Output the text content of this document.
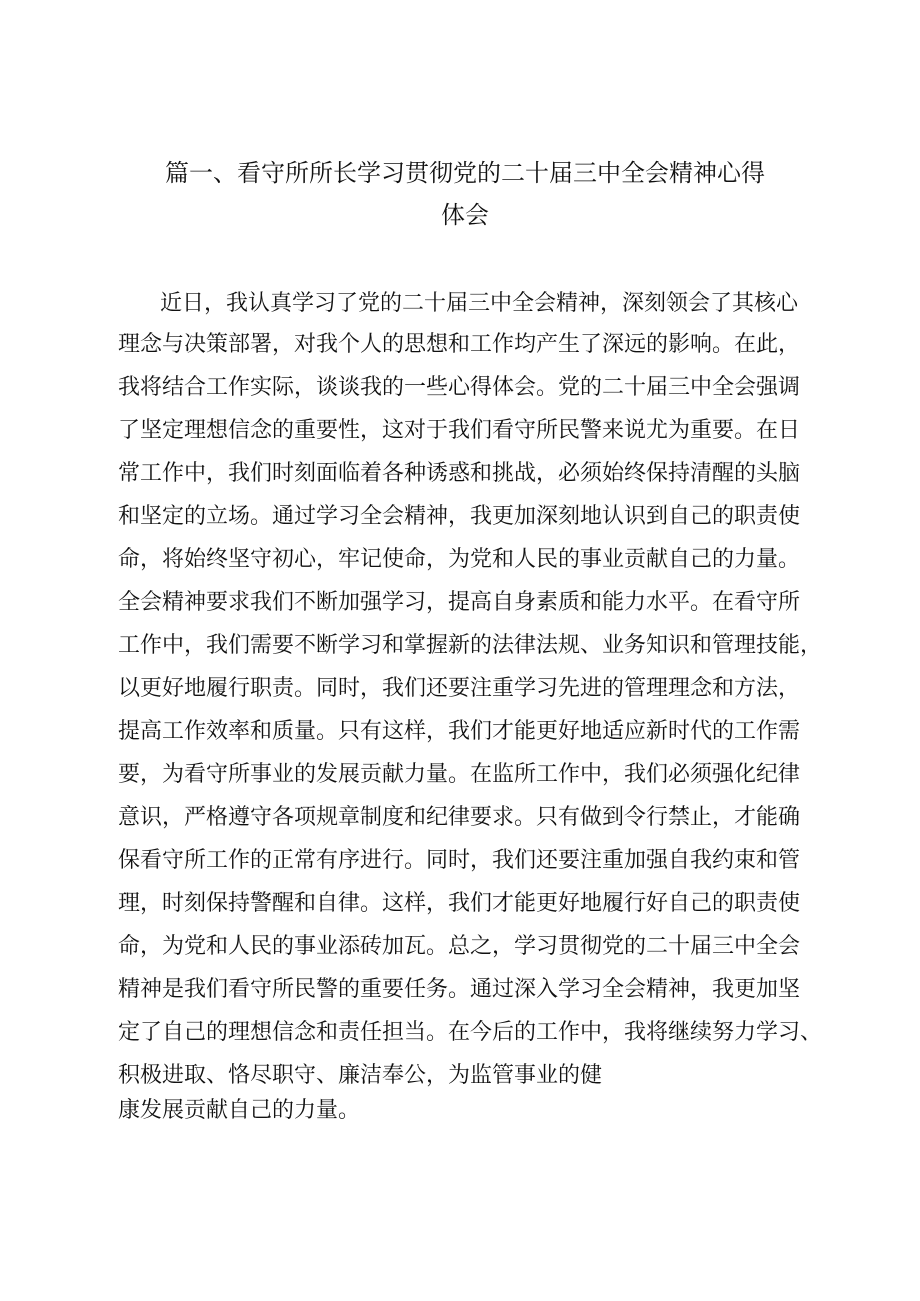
篇一、看守所所长学习贯彻党的二十届三中全会精神心得
体会
近日，我认真学习了党的二十届三中全会精神，深刻领会了其核心
理念与决策部署，对我个人的思想和工作均产生了深远的影响。在此，
我将结合工作实际，谈谈我的一些心得体会。党的二十届三中全会强调
了坚定理想信念的重要性，这对于我们看守所民警来说尤为重要。在日
常工作中，我们时刻面临着各种诱惑和挑战，必须始终保持清醒的头脑
和坚定的立场。通过学习全会精神，我更加深刻地认识到自己的职责使
命，将始终坚守初心，牢记使命，为党和人民的事业贡献自己的力量。
全会精神要求我们不断加强学习，提高自身素质和能力水平。在看守所
工作中，我们需要不断学习和掌握新的法律法规、业务知识和管理技能，
以更好地履行职责。同时，我们还要注重学习先进的管理理念和方法，
提高工作效率和质量。只有这样，我们才能更好地适应新时代的工作需
要，为看守所事业的发展贡献力量。在监所工作中，我们必须强化纪律
意识，严格遵守各项规章制度和纪律要求。只有做到令行禁止，才能确
保看守所工作的正常有序进行。同时，我们还要注重加强自我约束和管
理，时刻保持警醒和自律。这样，我们才能更好地履行好自己的职责使
命，为党和人民的事业添砖加瓦。总之，学习贯彻党的二十届三中全会
精神是我们看守所民警的重要任务。通过深入学习全会精神，我更加坚
定了自己的理想信念和责任担当。在今后的工作中，我将继续努力学习、
积极进取、恪尽职守、廉洁奉公，为监管事业的健
康发展贡献自己的力量。
